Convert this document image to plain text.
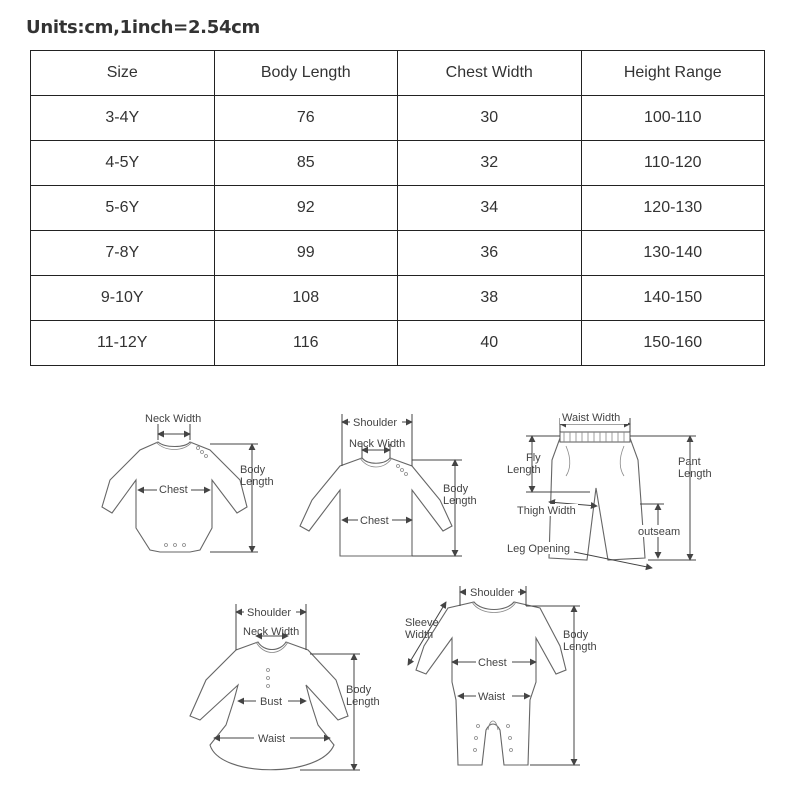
Units:cm,1inch=2.54cm
Size	Body Length	Chest Width	Height Range
3-4Y	76	30	100-110
4-5Y	85	32	110-120
5-6Y	92	34	120-130
7-8Y	99	36	130-140
9-10Y	108	38	140-150
11-12Y	116	40	150-160
Neck Width
Chest
Body
Length
Shoulder
Neck Width
Chest
Body
Length
Waist Width
Fly
Length
Pant
Length
Thigh Width
outseam
Leg Opening
Shoulder
Neck Width
Bust
Waist
Body
Length
Shoulder
Sleeve
Width
Chest
Waist
Body
Length
